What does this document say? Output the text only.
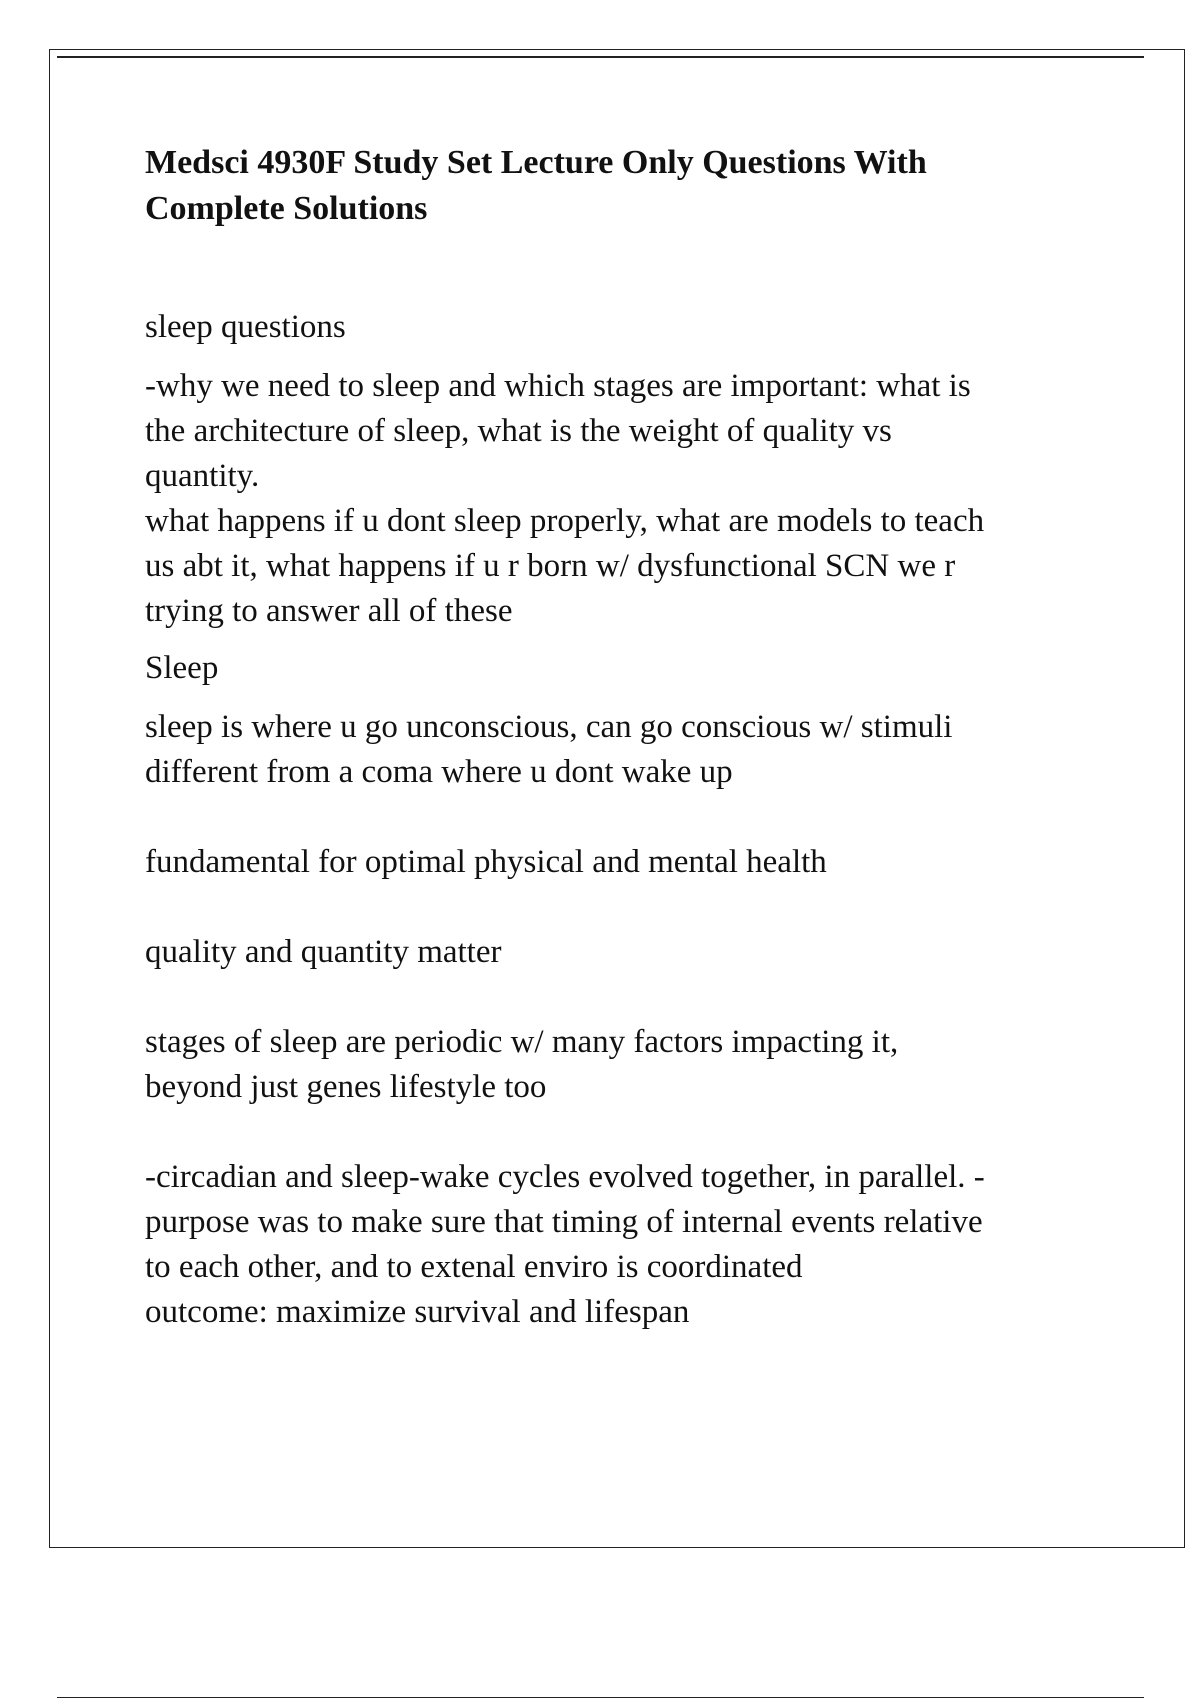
Medsci 4930F Study Set Lecture Only Questions With
Complete Solutions
sleep questions

-why we need to sleep and which stages are important: what is
the architecture of sleep, what is the weight of quality vs
quantity.
what happens if u dont sleep properly, what are models to teach
us abt it, what happens if u r born w/ dysfunctional SCN we r
trying to answer all of these

Sleep

sleep is where u go unconscious, can go conscious w/ stimuli
different from a coma where u dont wake up

fundamental for optimal physical and mental health

quality and quantity matter

stages of sleep are periodic w/ many factors impacting it,
beyond just genes lifestyle too

-circadian and sleep-wake cycles evolved together, in parallel. -
purpose was to make sure that timing of internal events relative
to each other, and to extenal enviro is coordinated
outcome: maximize survival and lifespan
